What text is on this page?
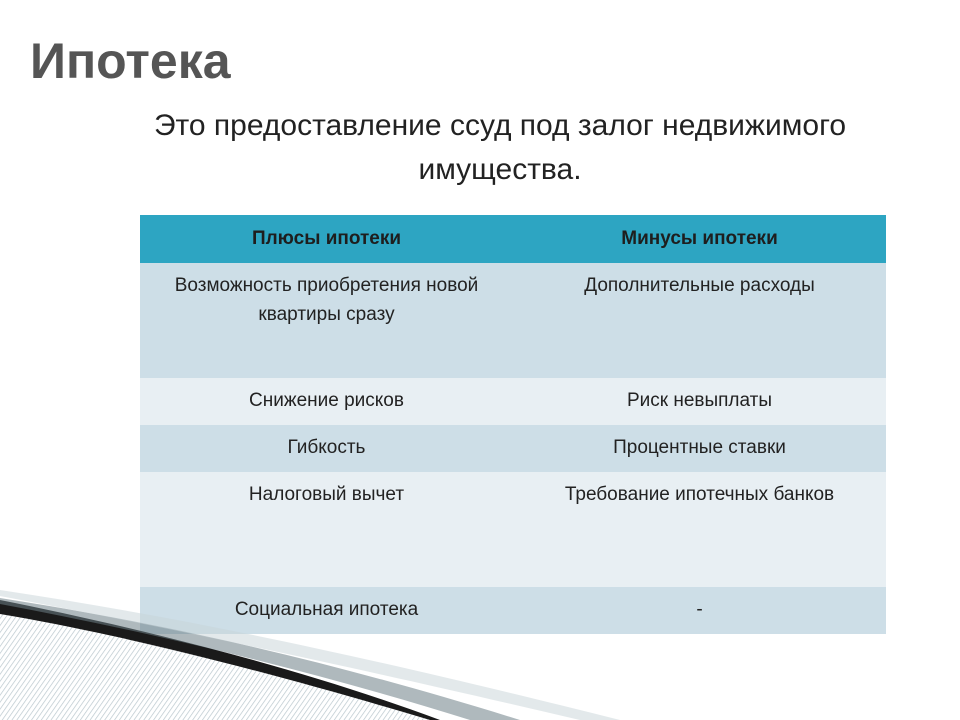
Ипотека
Это предоставление ссуд под залог недвижимого имущества.
Плюсы ипотеки	Минусы ипотеки
Возможность приобретения новой квартиры сразу	Дополнительные расходы
Снижение рисков	Риск невыплаты
Гибкость	Процентные ставки
Налоговый вычет	Требование ипотечных банков
Социальная ипотека	-
